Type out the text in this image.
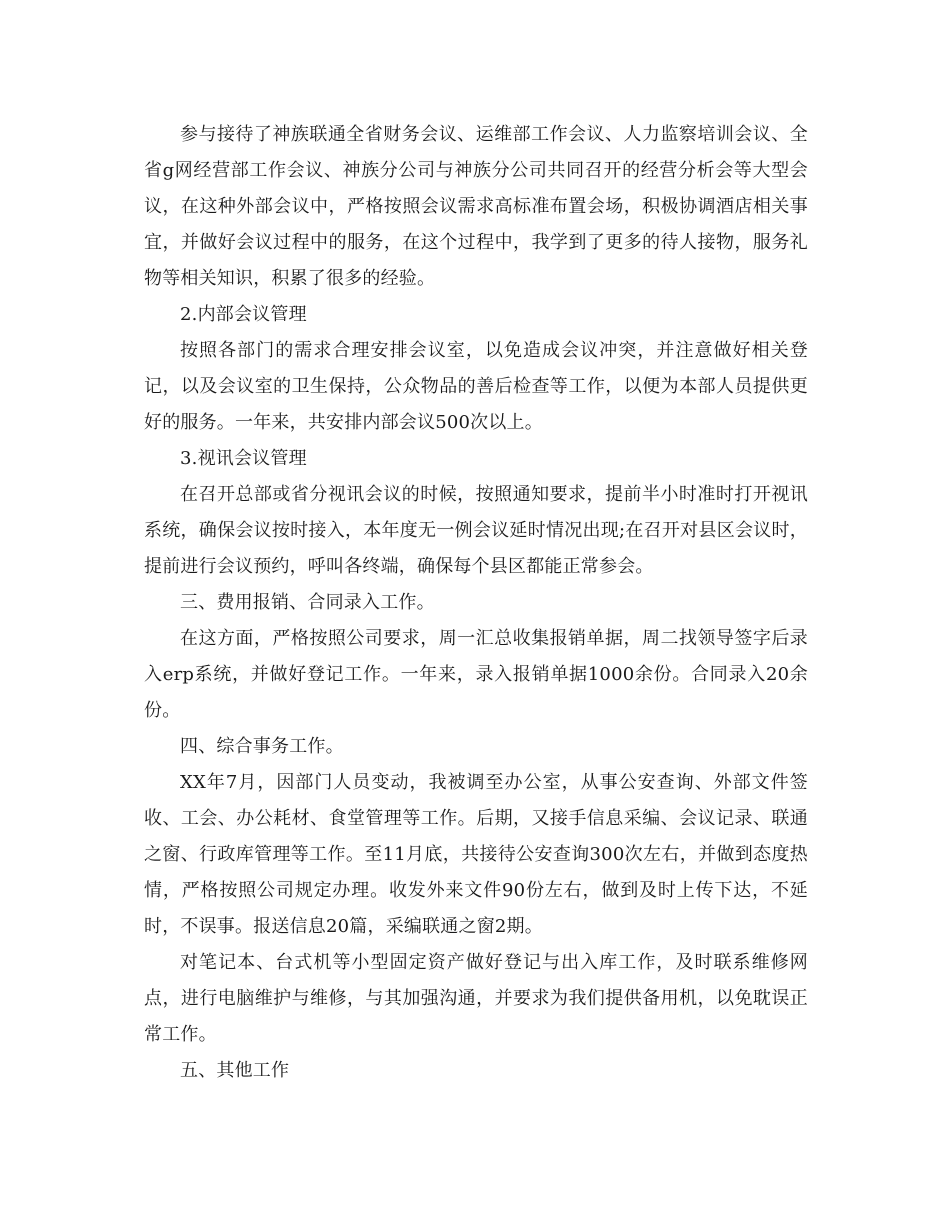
参与接待了神族联通全省财务会议、运维部工作会议、人力监察培训会议、全省g网经营部工作会议、神族分公司与神族分公司共同召开的经营分析会等大型会议，在这种外部会议中，严格按照会议需求高标准布置会场，积极协调酒店相关事宜，并做好会议过程中的服务，在这个过程中，我学到了更多的待人接物，服务礼物等相关知识，积累了很多的经验。

2.内部会议管理

按照各部门的需求合理安排会议室，以免造成会议冲突，并注意做好相关登记，以及会议室的卫生保持，公众物品的善后检查等工作，以便为本部人员提供更好的服务。一年来，共安排内部会议500次以上。

3.视讯会议管理

在召开总部或省分视讯会议的时候，按照通知要求，提前半小时准时打开视讯系统，确保会议按时接入，本年度无一例会议延时情况出现;在召开对县区会议时，提前进行会议预约，呼叫各终端，确保每个县区都能正常参会。

三、费用报销、合同录入工作。

在这方面，严格按照公司要求，周一汇总收集报销单据，周二找领导签字后录入erp系统，并做好登记工作。一年来，录入报销单据1000余份。合同录入20余份。

四、综合事务工作。

XX年7月，因部门人员变动，我被调至办公室，从事公安查询、外部文件签收、工会、办公耗材、食堂管理等工作。后期，又接手信息采编、会议记录、联通之窗、行政库管理等工作。至11月底，共接待公安查询300次左右，并做到态度热情，严格按照公司规定办理。收发外来文件90份左右，做到及时上传下达，不延时，不误事。报送信息20篇，采编联通之窗2期。

对笔记本、台式机等小型固定资产做好登记与出入库工作，及时联系维修网点，进行电脑维护与维修，与其加强沟通，并要求为我们提供备用机，以免耽误正常工作。

五、其他工作
